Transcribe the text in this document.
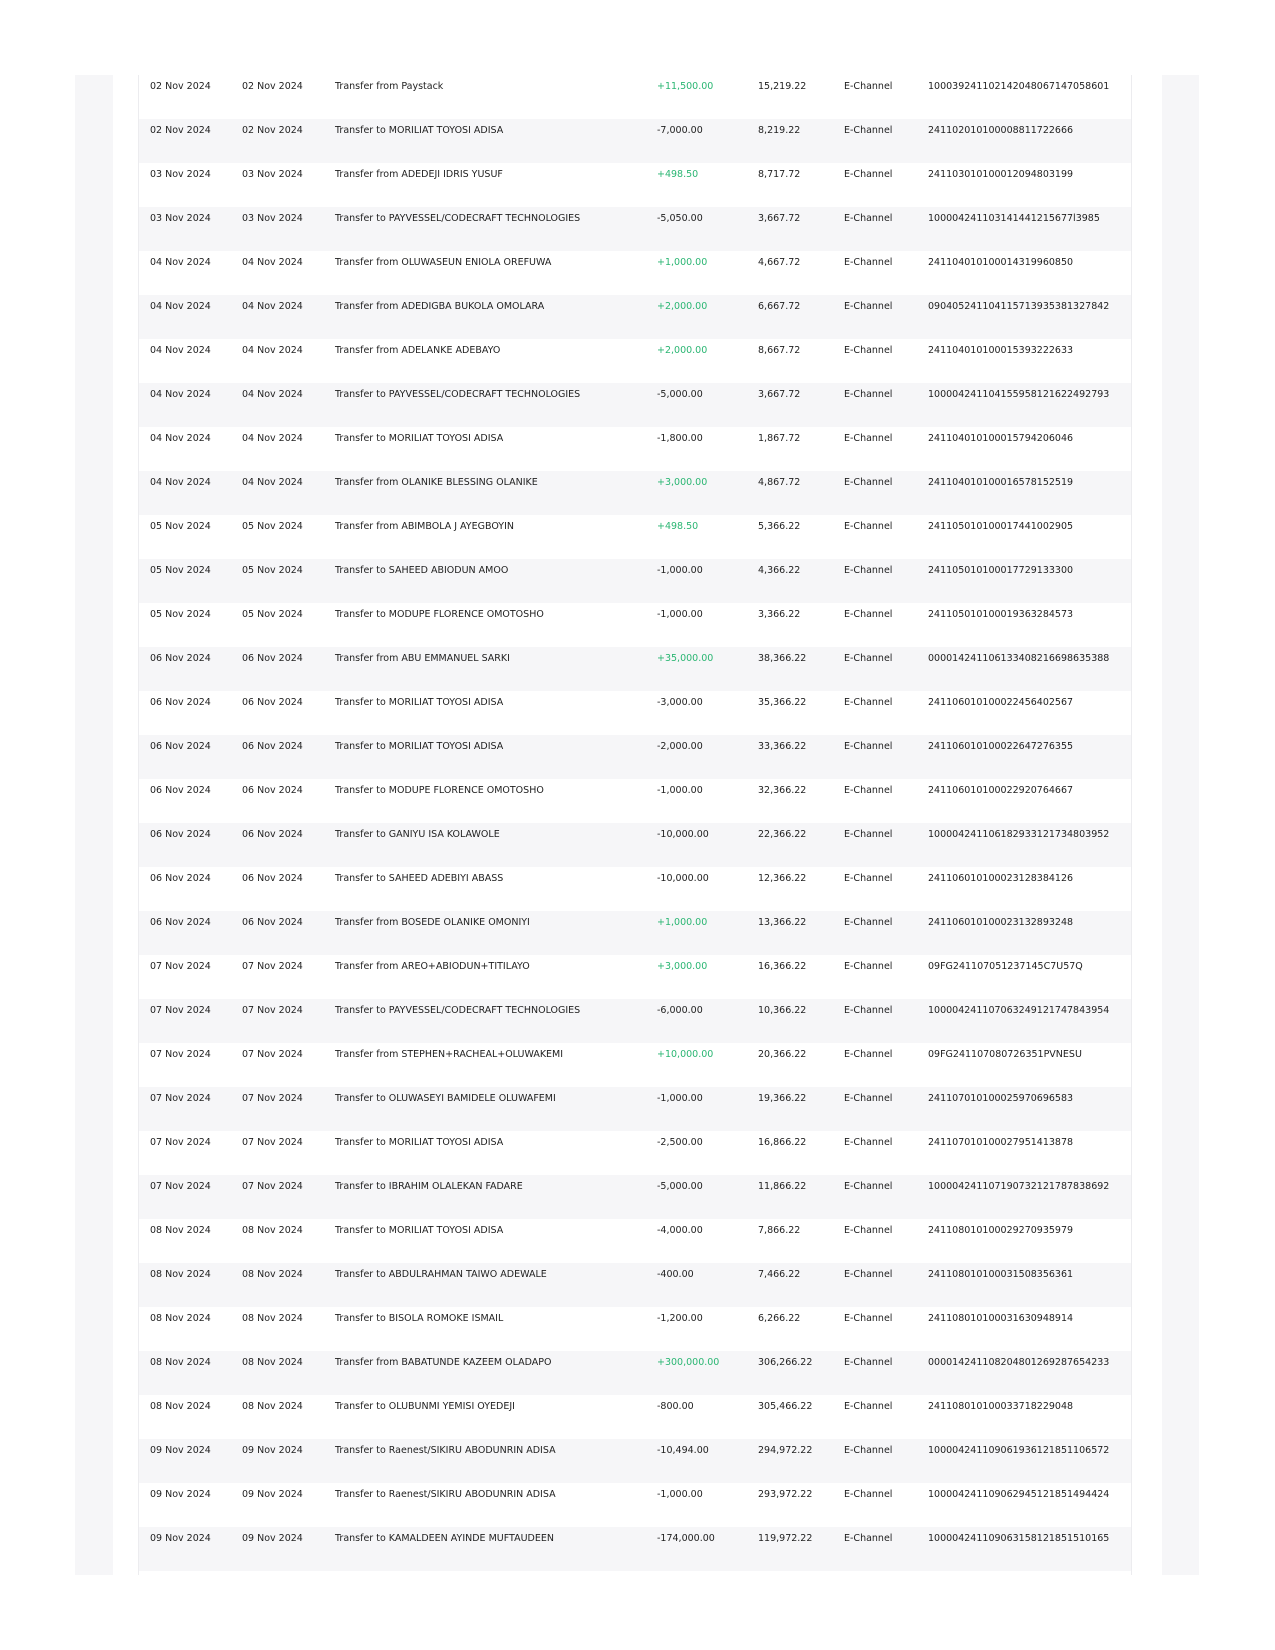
02 Nov 2024	02 Nov 2024	Transfer from Paystack	+11,500.00	15,219.22	E-Channel	100039241102142048067147058601
02 Nov 2024	02 Nov 2024	Transfer to MORILIAT TOYOSI ADISA	-7,000.00	8,219.22	E-Channel	241102010100008811722666
03 Nov 2024	03 Nov 2024	Transfer from ADEDEJI IDRIS YUSUF	+498.50	8,717.72	E-Channel	241103010100012094803199
03 Nov 2024	03 Nov 2024	Transfer to PAYVESSEL/CODECRAFT TECHNOLOGIES	-5,050.00	3,667.72	E-Channel	100004241103141441215677l3985
04 Nov 2024	04 Nov 2024	Transfer from OLUWASEUN ENIOLA OREFUWA	+1,000.00	4,667.72	E-Channel	241104010100014319960850
04 Nov 2024	04 Nov 2024	Transfer from ADEDIGBA BUKOLA OMOLARA	+2,000.00	6,667.72	E-Channel	090405241104115713935381327842
04 Nov 2024	04 Nov 2024	Transfer from ADELANKE ADEBAYO	+2,000.00	8,667.72	E-Channel	241104010100015393222633
04 Nov 2024	04 Nov 2024	Transfer to PAYVESSEL/CODECRAFT TECHNOLOGIES	-5,000.00	3,667.72	E-Channel	100004241104155958121622492793
04 Nov 2024	04 Nov 2024	Transfer to MORILIAT TOYOSI ADISA	-1,800.00	1,867.72	E-Channel	241104010100015794206046
04 Nov 2024	04 Nov 2024	Transfer from OLANIKE BLESSING OLANIKE	+3,000.00	4,867.72	E-Channel	241104010100016578152519
05 Nov 2024	05 Nov 2024	Transfer from ABIMBOLA J AYEGBOYIN	+498.50	5,366.22	E-Channel	241105010100017441002905
05 Nov 2024	05 Nov 2024	Transfer to SAHEED ABIODUN AMOO	-1,000.00	4,366.22	E-Channel	241105010100017729133300
05 Nov 2024	05 Nov 2024	Transfer to MODUPE FLORENCE OMOTOSHO	-1,000.00	3,366.22	E-Channel	241105010100019363284573
06 Nov 2024	06 Nov 2024	Transfer from ABU EMMANUEL SARKI	+35,000.00	38,366.22	E-Channel	000014241106133408216698635388
06 Nov 2024	06 Nov 2024	Transfer to MORILIAT TOYOSI ADISA	-3,000.00	35,366.22	E-Channel	241106010100022456402567
06 Nov 2024	06 Nov 2024	Transfer to MORILIAT TOYOSI ADISA	-2,000.00	33,366.22	E-Channel	241106010100022647276355
06 Nov 2024	06 Nov 2024	Transfer to MODUPE FLORENCE OMOTOSHO	-1,000.00	32,366.22	E-Channel	241106010100022920764667
06 Nov 2024	06 Nov 2024	Transfer to GANIYU ISA KOLAWOLE	-10,000.00	22,366.22	E-Channel	100004241106182933121734803952
06 Nov 2024	06 Nov 2024	Transfer to SAHEED ADEBIYI ABASS	-10,000.00	12,366.22	E-Channel	241106010100023128384126
06 Nov 2024	06 Nov 2024	Transfer from BOSEDE OLANIKE OMONIYI	+1,000.00	13,366.22	E-Channel	241106010100023132893248
07 Nov 2024	07 Nov 2024	Transfer from AREO+ABIODUN+TITILAYO	+3,000.00	16,366.22	E-Channel	09FG241107051237145C7U57Q
07 Nov 2024	07 Nov 2024	Transfer to PAYVESSEL/CODECRAFT TECHNOLOGIES	-6,000.00	10,366.22	E-Channel	100004241107063249121747843954
07 Nov 2024	07 Nov 2024	Transfer from STEPHEN+RACHEAL+OLUWAKEMI	+10,000.00	20,366.22	E-Channel	09FG241107080726351PVNESU
07 Nov 2024	07 Nov 2024	Transfer to OLUWASEYI BAMIDELE OLUWAFEMI	-1,000.00	19,366.22	E-Channel	241107010100025970696583
07 Nov 2024	07 Nov 2024	Transfer to MORILIAT TOYOSI ADISA	-2,500.00	16,866.22	E-Channel	241107010100027951413878
07 Nov 2024	07 Nov 2024	Transfer to IBRAHIM OLALEKAN FADARE	-5,000.00	11,866.22	E-Channel	100004241107190732121787838692
08 Nov 2024	08 Nov 2024	Transfer to MORILIAT TOYOSI ADISA	-4,000.00	7,866.22	E-Channel	241108010100029270935979
08 Nov 2024	08 Nov 2024	Transfer to ABDULRAHMAN TAIWO ADEWALE	-400.00	7,466.22	E-Channel	241108010100031508356361
08 Nov 2024	08 Nov 2024	Transfer to BISOLA ROMOKE ISMAIL	-1,200.00	6,266.22	E-Channel	241108010100031630948914
08 Nov 2024	08 Nov 2024	Transfer from BABATUNDE KAZEEM OLADAPO	+300,000.00	306,266.22	E-Channel	000014241108204801269287654233
08 Nov 2024	08 Nov 2024	Transfer to OLUBUNMI YEMISI OYEDEJI	-800.00	305,466.22	E-Channel	241108010100033718229048
09 Nov 2024	09 Nov 2024	Transfer to Raenest/SIKIRU ABODUNRIN ADISA	-10,494.00	294,972.22	E-Channel	100004241109061936121851106572
09 Nov 2024	09 Nov 2024	Transfer to Raenest/SIKIRU ABODUNRIN ADISA	-1,000.00	293,972.22	E-Channel	100004241109062945121851494424
09 Nov 2024	09 Nov 2024	Transfer to KAMALDEEN AYINDE MUFTAUDEEN	-174,000.00	119,972.22	E-Channel	100004241109063158121851510165
